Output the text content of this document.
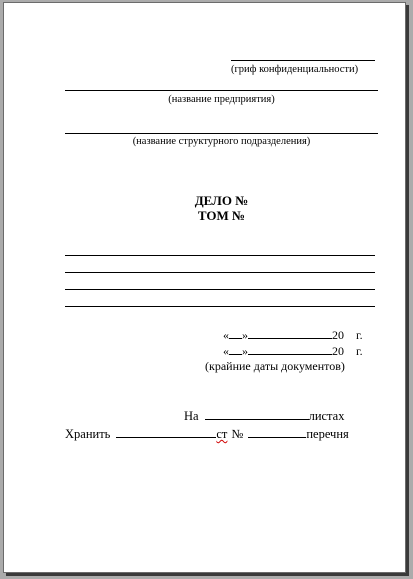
(гриф конфиденциальности)
(название предприятия)
(название структурного подразделения)
ДЕЛО №
ТОМ №
« »	20 г.
« »	20 г.
(крайние даты документов)
На	листах
Хранить	ст №	перечня
